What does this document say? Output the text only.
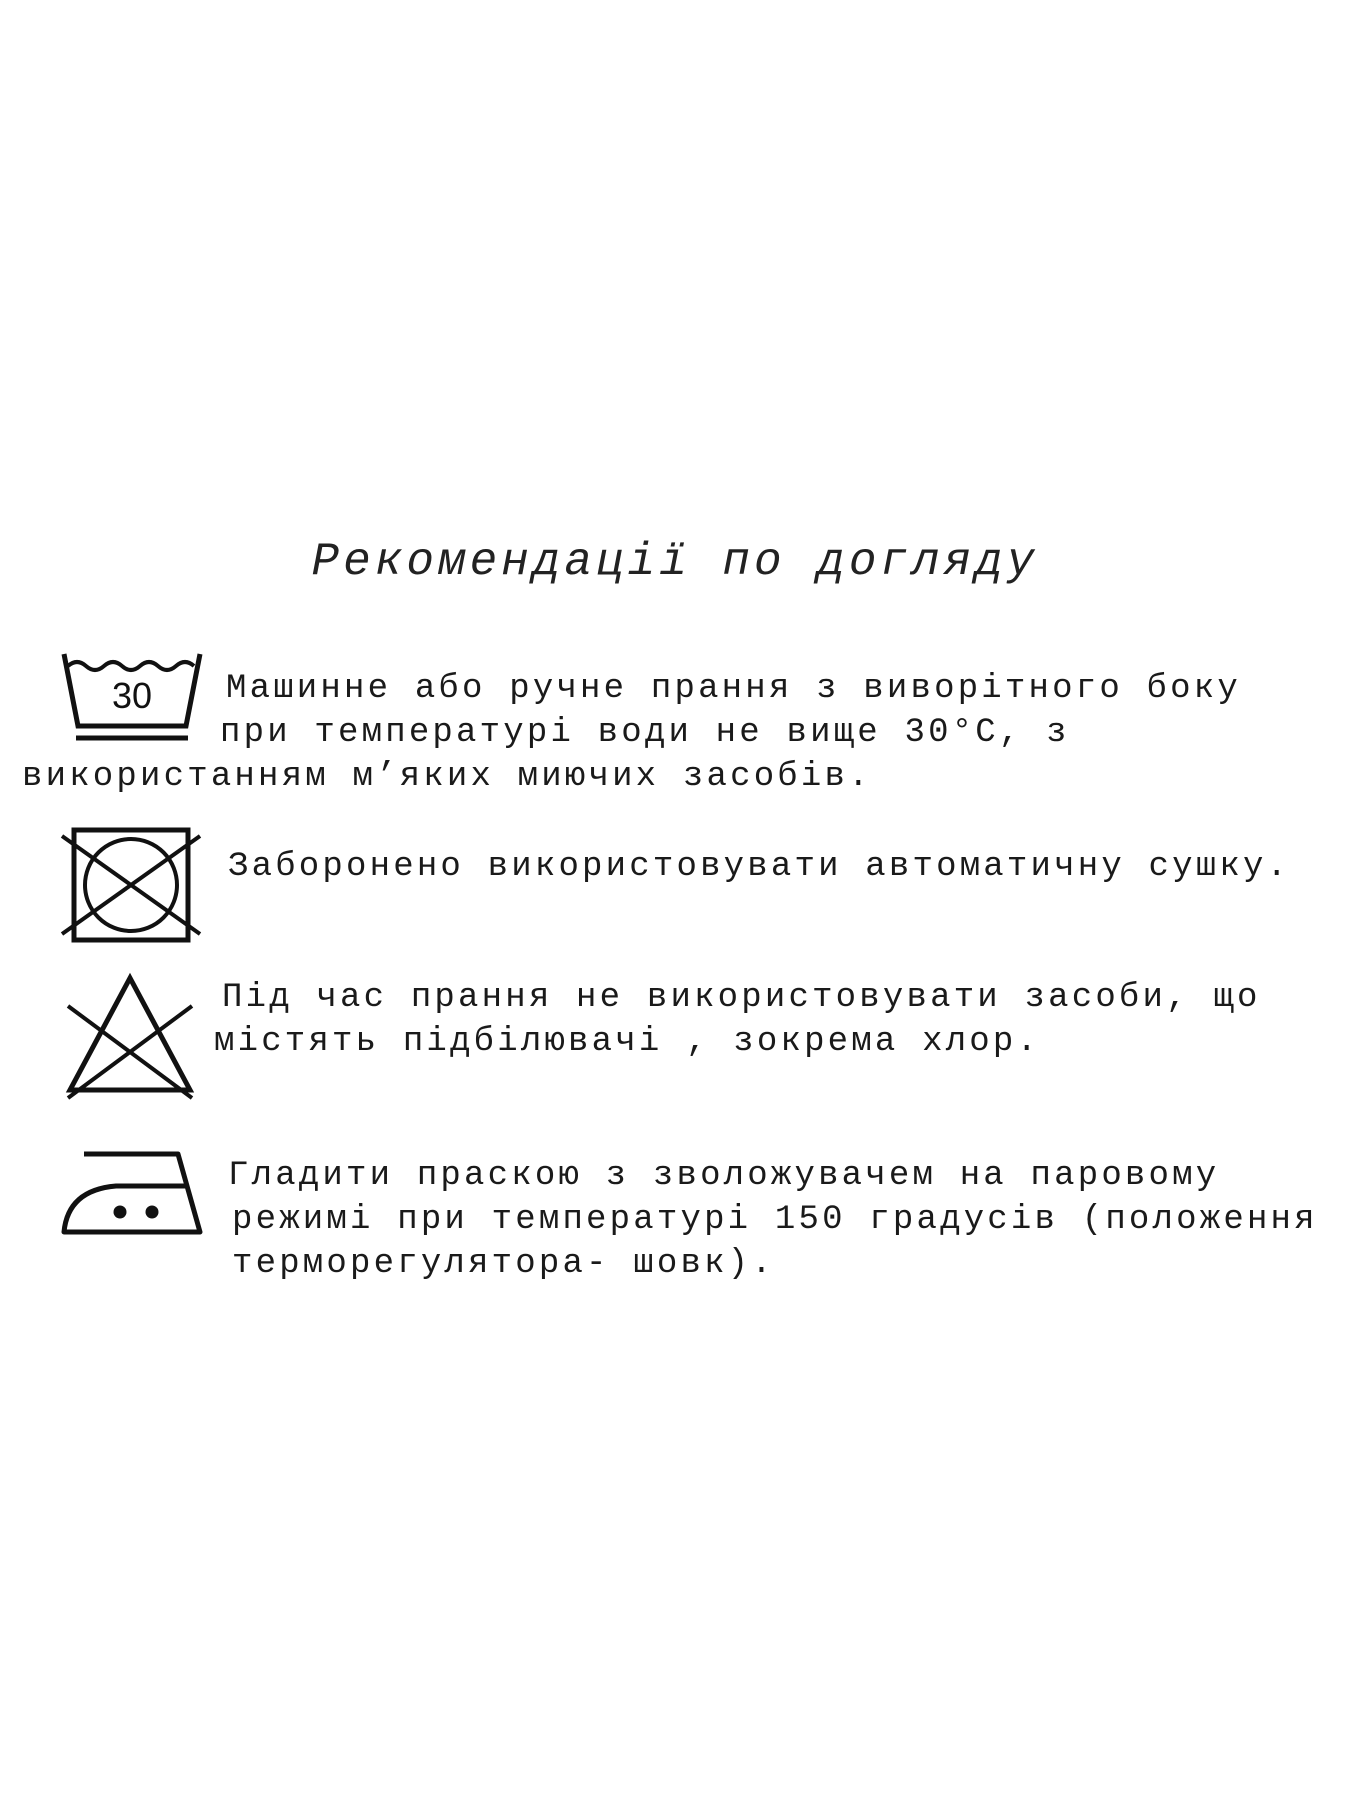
Рекомендації по догляду
30 Машинне або ручне прання з виворітного боку
при температурі води не вище 30°С, з
використанням м’яких миючих засобів.
Заборонено використовувати автоматичну сушку.
Під час прання не використовувати засоби, що
містять підбілювачі , зокрема хлор.
Гладити праскою з зволожувачем на паровому
режимі при температурі 150 градусів (положення
терморегулятора- шовк).
